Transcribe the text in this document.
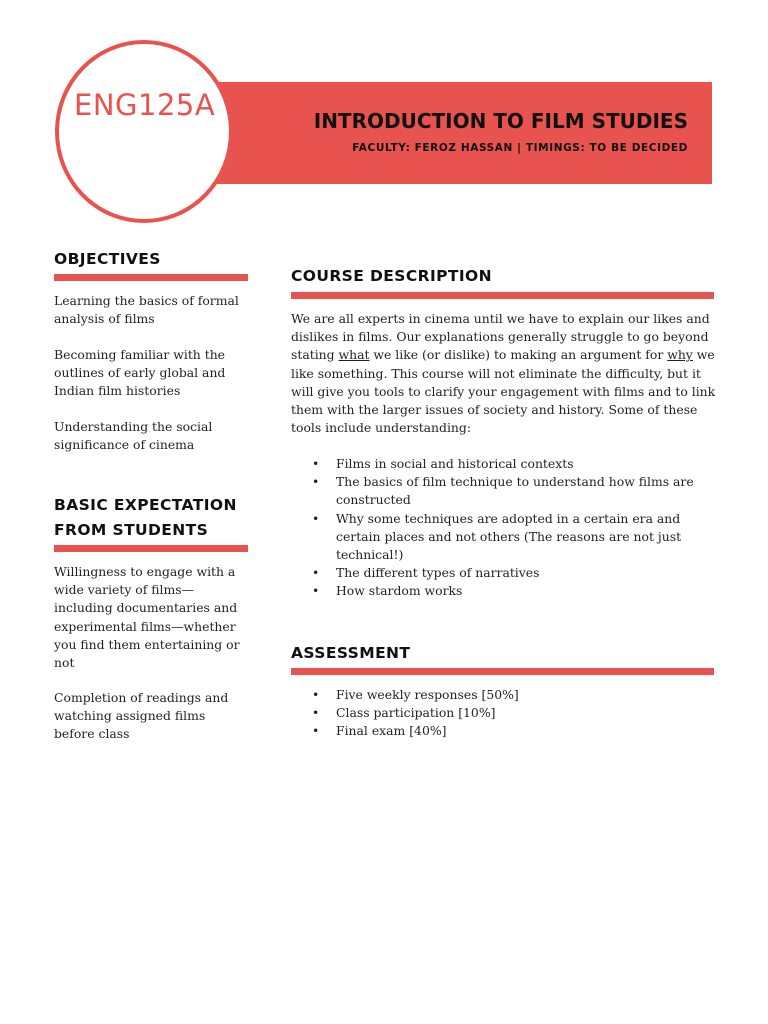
ENG125A	INTRODUCTION TO FILM STUDIES
FACULTY: FEROZ HASSAN | TIMINGS: TO BE DECIDED
OBJECTIVES

Learning the basics of formal analysis of films

Becoming familiar with the outlines of early global and Indian film histories

Understanding the social significance of cinema

BASIC EXPECTATION
FROM STUDENTS

Willingness to engage with a wide variety of films—including documentaries and experimental films—whether you find them entertaining or not

Completion of readings and watching assigned films before class

COURSE DESCRIPTION

We are all experts in cinema until we have to explain our likes and dislikes in films. Our explanations generally struggle to go beyond stating what we like (or dislike) to making an argument for why we like something. This course will not eliminate the difficulty, but it will give you tools to clarify your engagement with films and to link them with the larger issues of society and history. Some of these tools include understanding:

• Films in social and historical contexts
• The basics of film technique to understand how films are constructed
• Why some techniques are adopted in a certain era and certain places and not others (The reasons are not just technical!)
• The different types of narratives
• How stardom works
ASSESSMENT
• Five weekly responses [50%]
• Class participation [10%]
• Final exam [40%]
